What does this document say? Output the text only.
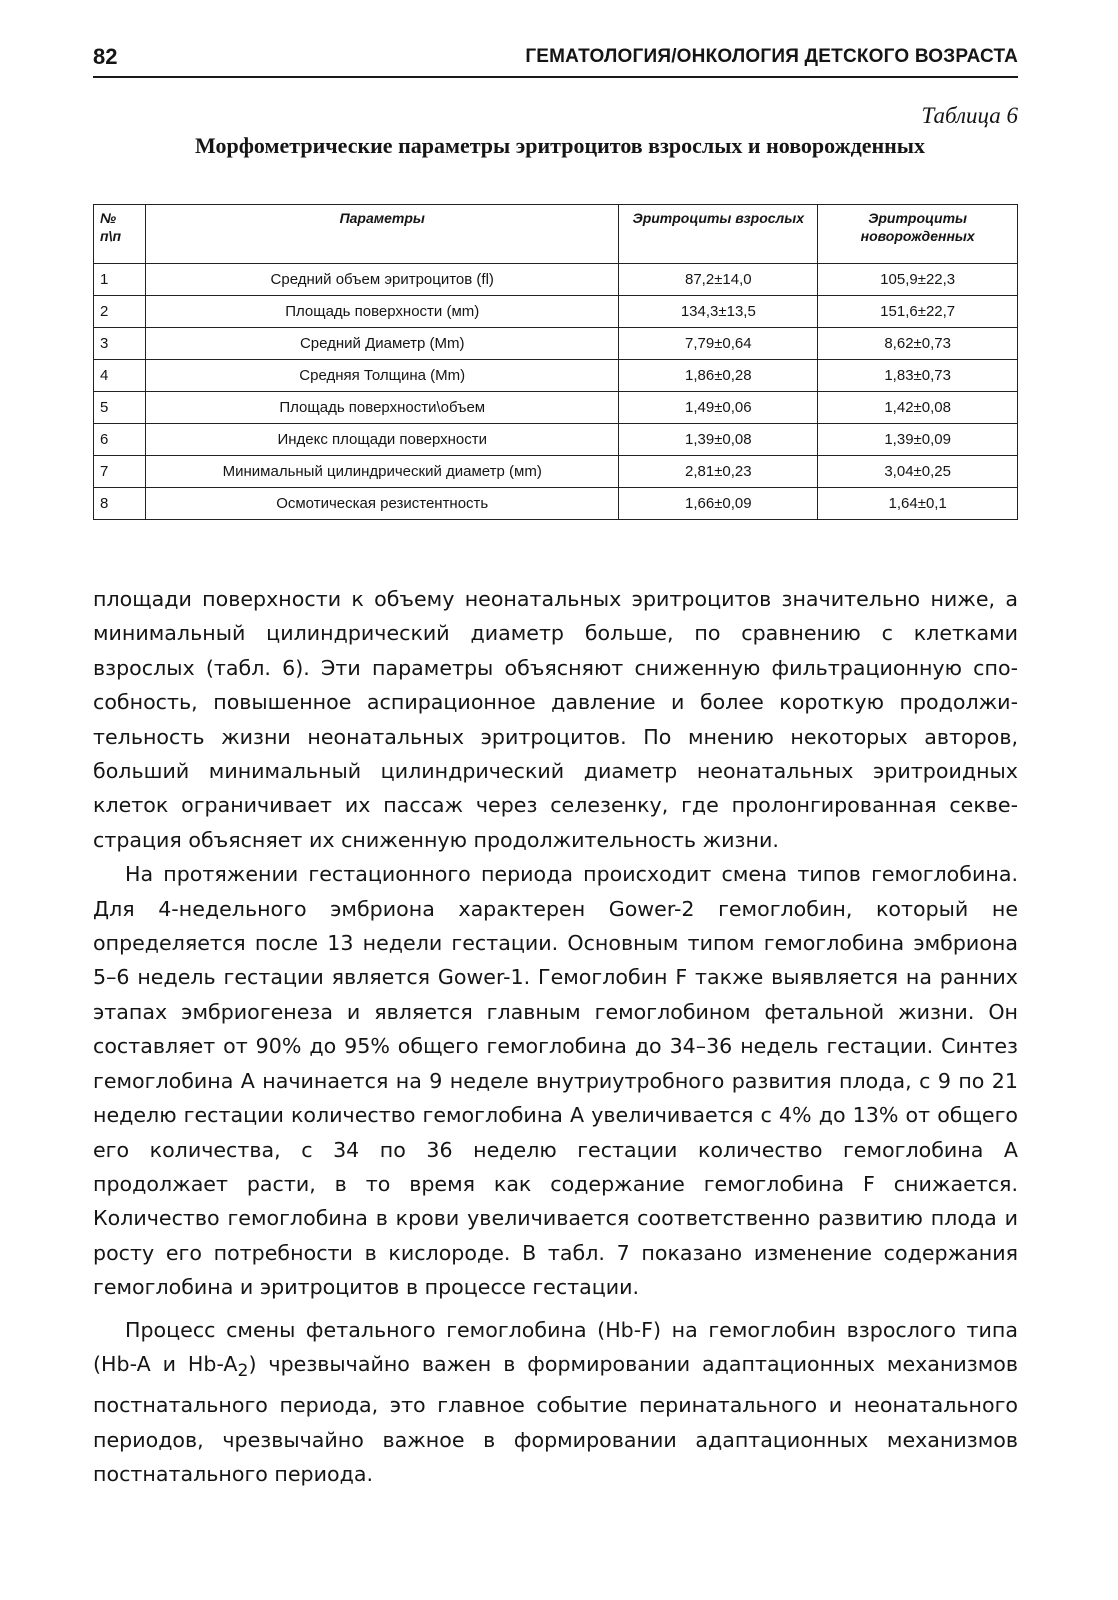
82	ГЕМАТОЛОГИЯ/ОНКОЛОГИЯ ДЕТСКОГО ВОЗРАСТА
Таблица 6
Морфометрические параметры эритроцитов взрослых и новорожденных
№ п\п	Параметры	Эритроциты взрослых	Эритроциты новорожденных
1	Средний объем эритроцитов (fl)	87,2±14,0	105,9±22,3
2	Площадь поверхности (мm)	134,3±13,5	151,6±22,7
3	Средний Диаметр (Мm)	7,79±0,64	8,62±0,73
4	Средняя Толщина (Мm)	1,86±0,28	1,83±0,73
5	Площадь поверхности\объем	1,49±0,06	1,42±0,08
6	Индекс площади поверхности	1,39±0,08	1,39±0,09
7	Минимальный цилиндрический диаметр (мm)	2,81±0,23	3,04±0,25
8	Осмотическая резистентность	1,66±0,09	1,64±0,1

площади поверхности к объему неонатальных эритроцитов значительно ниже, а минимальный цилиндрический диаметр больше, по сравнению с клетками взрослых (табл. 6). Эти параметры объясняют сниженную фильтрационную способность, повышенное аспирационное давление и более короткую продолжительность жизни неонатальных эритроцитов. По мнению некоторых авторов, больший минимальный цилиндрический диаметр неонатальных эритроидных клеток ограничивает их пассаж через селезенку, где пролонгированная секвестрация объясняет их сниженную продолжительность жизни.

На протяжении гестационного периода происходит смена типов гемоглобина. Для 4-недельного эмбриона характерен Gower-2 гемоглобин, который не определяется после 13 недели гестации. Основным типом гемоглобина эмбриона 5–6 недель гестации является Gower-1. Гемоглобин F также выявляется на ранних этапах эмбриогенеза и является главным гемоглобином фетальной жизни. Он составляет от 90% до 95% общего гемоглобина до 34–36 недель гестации. Синтез гемоглобина А начинается на 9 неделе внутриутробного развития плода, с 9 по 21 неделю гестации количество гемоглобина А увеличивается с 4% до 13% от общего его количества, с 34 по 36 неделю гестации количество гемоглобина А продолжает расти, в то время как содержание гемоглобина F снижается. Количество гемоглобина в крови увеличивается соответственно развитию плода и росту его потребности в кислороде. В табл. 7 показано изменение содержания гемоглобина и эритроцитов в процессе гестации.

Процесс смены фетального гемоглобина (Hb-F) на гемоглобин взрослого типа (Hb-A и $Hb-A_2$) чрезвычайно важен в формировании адаптационных механизмов постнатального периода, это главное событие перинатального и неонатального периодов, чрезвычайно важное в формировании адаптационных механизмов постнатального периода.
